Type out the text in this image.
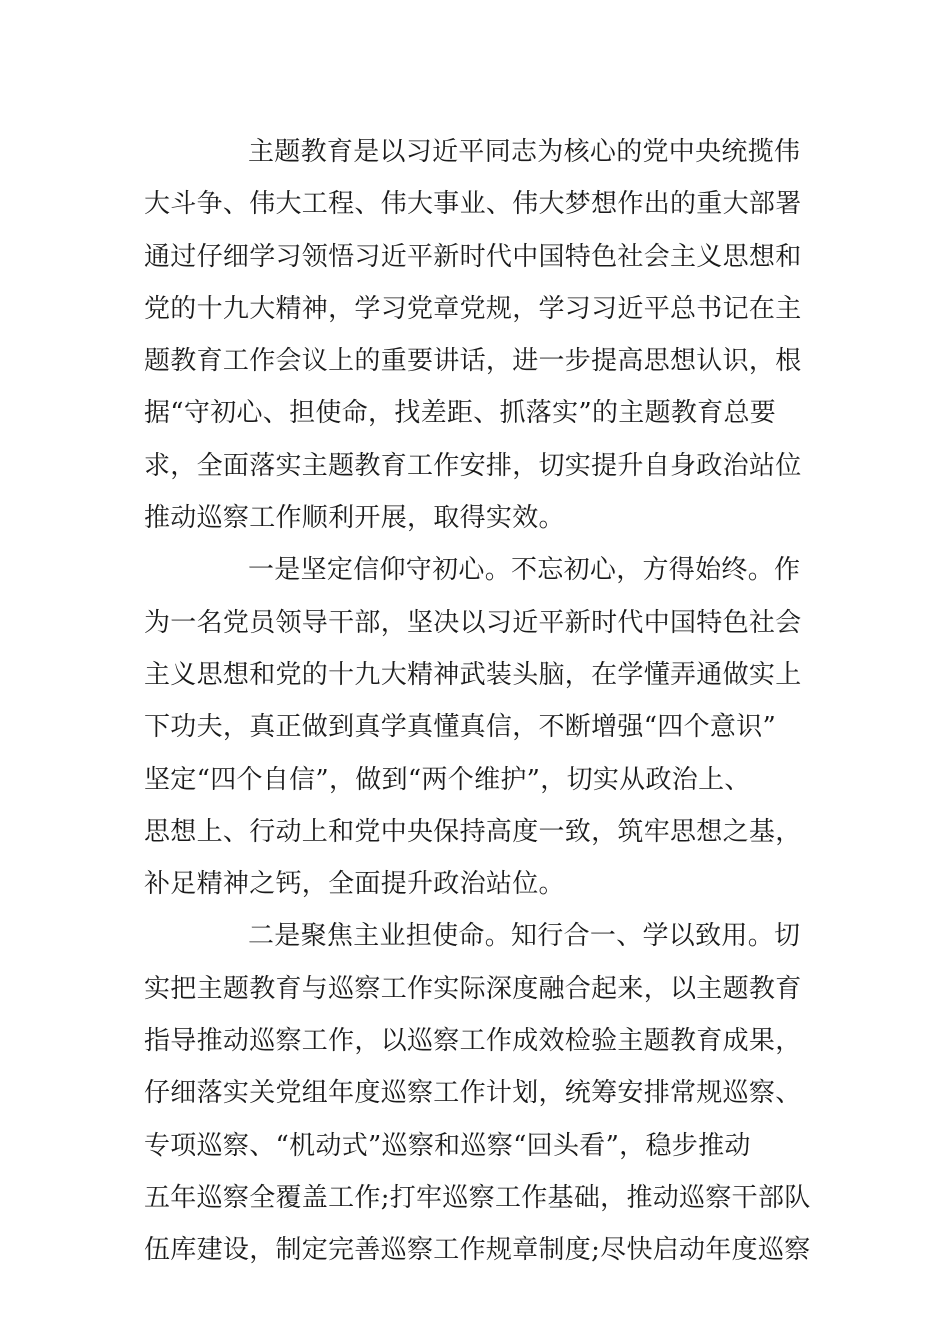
主题教育是以习近平同志为核心的党中央统揽伟
大斗争、伟大工程、伟大事业、伟大梦想作出的重大部署
通过仔细学习领悟习近平新时代中国特色社会主义思想和
党的十九大精神，学习党章党规，学习习近平总书记在主
题教育工作会议上的重要讲话，进一步提高思想认识，根
据“守初心、担使命，找差距、抓落实”的主题教育总要
求，全面落实主题教育工作安排，切实提升自身政治站位
推动巡察工作顺利开展，取得实效。

一是坚定信仰守初心。不忘初心，方得始终。作
为一名党员领导干部，坚决以习近平新时代中国特色社会
主义思想和党的十九大精神武装头脑，在学懂弄通做实上
下功夫，真正做到真学真懂真信，不断增强“四个意识”
坚定“四个自信”，做到“两个维护”，切实从政治上、
思想上、行动上和党中央保持高度一致，筑牢思想之基，
补足精神之钙，全面提升政治站位。

二是聚焦主业担使命。知行合一、学以致用。切
实把主题教育与巡察工作实际深度融合起来，以主题教育
指导推动巡察工作，以巡察工作成效检验主题教育成果，
仔细落实关党组年度巡察工作计划，统筹安排常规巡察、
专项巡察、“机动式”巡察和巡察“回头看”，稳步推动
五年巡察全覆盖工作;打牢巡察工作基础，推动巡察干部队
伍库建设，制定完善巡察工作规章制度;尽快启动年度巡察
